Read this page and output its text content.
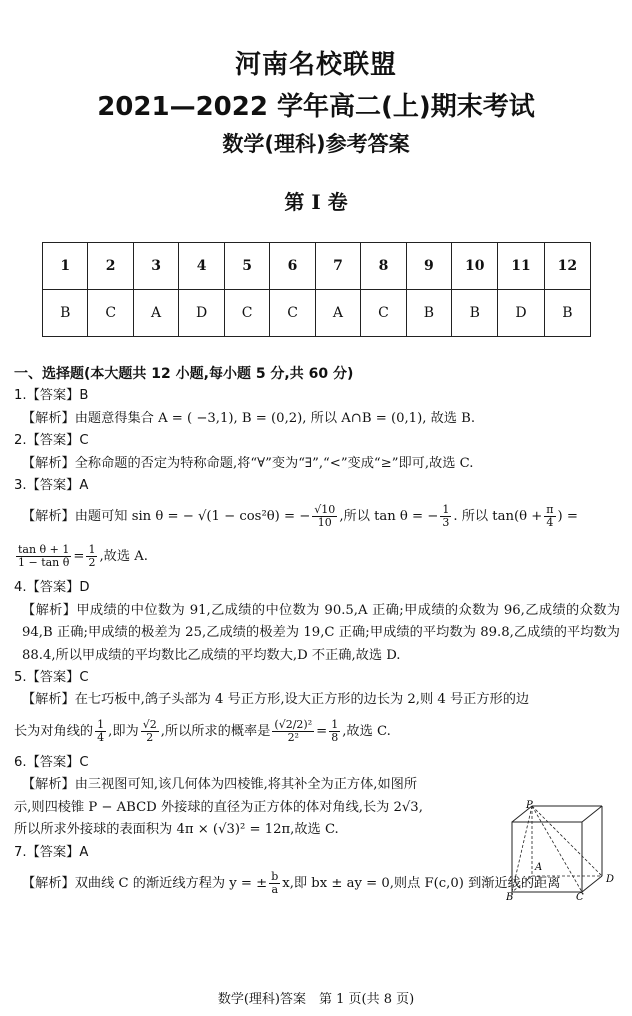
河南名校联盟
2021—2022 学年高二(上)期末考试
数学(理科)参考答案
第 I 卷
1	2	3	4	5	6	7	8	9	10	11	12
B	C	A	D	C	C	A	C	B	B	D	B
一、选择题(本大题共 12 小题,每小题 5 分,共 60 分)
1.【答案】B
【解析】由题意得集合 A = ( −3,1), B = (0,2), 所以 A∩B = (0,1), 故选 B.
2.【答案】C
【解析】全称命题的否定为特称命题,将“∀”变为“∃”,“<”变成“≥”即可,故选 C.
3.【答案】A
【解析】由题可知 sin θ = − √(1 − cos²θ) = − $\frac{√10}{10}$ ,所以 tan θ = − $\frac{1}{3}$ . 所以 $\tan(\theta + \frac{\pi}{4}$ ) =
$\frac{\text{tan θ + 1}}{\text{1 − tan θ}} = \frac{1}{2}$ ,故选 A.
4.【答案】D
【解析】甲成绩的中位数为 91,乙成绩的中位数为 90.5,A 正确;甲成绩的众数为 96,乙成绩的众数为 94,B 正确;甲成绩的极差为 25,乙成绩的极差为 19,C 正确;甲成绩的平均数为 89.8,乙成绩的平均数为88.4,所以甲成绩的平均数比乙成绩的平均数大,D 不正确,故选 D.
5.【答案】C
【解析】在七巧板中,鸽子头部为 4 号正方形,设大正方形的边长为 2,则 4 号正方形的边
长为对角线的 $\frac{1}{4}$ ,即为 $\frac{√2}{2}$ ,所以所求的概率是 $\frac{\text{(√2/2)²}}{\text{2²}} = \frac{1}{8}$ ,故选 C.
6.【答案】C
【解析】由三视图可知,该几何体为四棱锥,将其补全为正方体,如图所
示,则四棱锥 P − ABCD 外接球的直径为正方体的体对角线,长为 2√3,
所以所求外接球的表面积为 4π × (√3)² = 12π,故选 C.
7.【答案】A
【解析】双曲线 C 的渐近线方程为 y = ± $\frac{b}{a} x$,即 bx ± ay = 0,则点 F(c,0) 到渐近线的距离
P
A
B	C
D
数学(理科)答案　第 1 页(共 8 页)
